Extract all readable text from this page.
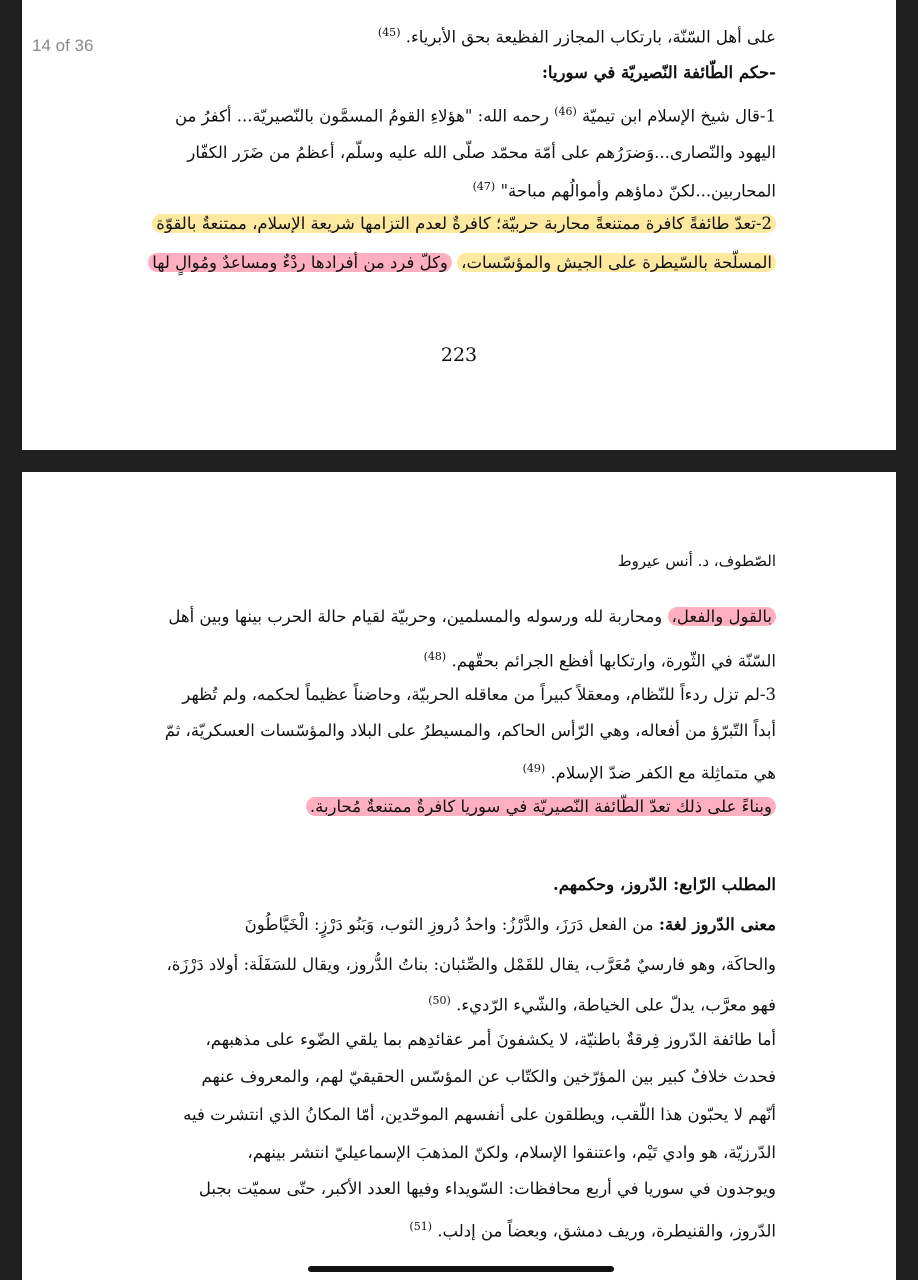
14 of 36	على أهل السّنّة، بارتكاب المجازر الفظيعة بحق الأبرياء. $^{(45)}$
-حكم الطّائفة النّصيريّة في سوريا:
1-قال شيخ الإسلام ابن تيميّة $^{(46)}$ رحمه الله: "هؤلاءِ القومُ المسمَّون بالنّصيريّة... أكفرُ من
اليهود والنّصارى...وَضرَرُهم على أمّة محمّد صلّى الله عليه وسلّم، أعظمُ من ضَرَر الكفّار
المحاربين...لكنّ دماؤهم وأموالُهم مباحة" $^{(47)}$
2-تعدّ طائفةً كافرة ممتنعةً محاربة حربيّة؛ كافرةٌ لعدم التزامها شريعة الإسلام، ممتنعةٌ بالقوّة
المسلّحة بالسّيطرة على الجيش والمؤسّسات، وكلّ فرد من أفرادها ردْءٌ ومساعدٌ ومُوالٍ لها
223
الصّطوف، د. أنس عيروط
بالقول والفعل، ومحاربة لله ورسوله والمسلمين، وحربيّة لقيام حالة الحرب بينها وبين أهل
السّنّة في الثّورة، وارتكابها أفظع الجرائم بحقّهم. $^{(48)}$
3-لم تزل ردءاً للنّظام، ومعقلاً كبيراً من معاقله الحربيّة، وحاضناً عظيماً لحكمه، ولم تُظهر
أبداً التّبرّؤ من أفعاله، وهي الرّأس الحاكم، والمسيطرُ على البلاد والمؤسّسات العسكريّة، ثمّ
هي متماثِلة مع الكفر ضدّ الإسلام. $^{(49)}$
وبناءً على ذلك تعدّ الطّائفة النّصيريّة في سوريا كافرةٌ ممتنعةٌ مُحاربة.
المطلب الرّابع: الدّروز، وحكمهم.
معنى الدّروز لغة: من الفعل دَرَزَ، والدَّرْزُ: واحدُ دُروزِ الثوب، وَبَنُو دَرْزٍ: الْخَيَّاطُونَ
والحاكَة، وهو فارسيٌ مُعَرَّب، يقال للقَمْل والصِّئبان: بناتُ الدُّروز، ويقال للسَفَلَة: أولاد دَرْزَة،
فهو معرَّب، يدلّ على الخياطة، والشّيء الرّديء. $^{(50)}$
أما طائفة الدّروز فِرقةٌ باطنيّة، لا يكشفونَ أمر عقائدِهم بما يلقي الضّوء على مذهبهم،
فحدث خلافٌ كبير بين المؤرّخين والكتّاب عن المؤسّس الحقيقيّ لهم، والمعروف عنهم
أنّهم لا يحبّون هذا اللّقب، ويطلقون على أنفسهم الموحّدين، أمّا المكانُ الذي انتشرت فيه
الدّرزيّة، هو وادي تَيْم، واعتنقوا الإسلام، ولكنّ المذهبَ الإسماعيليّ انتشر بينهم،
ويوجدون في سوريا في أربع محافظات: السّويداء وفيها العدد الأكبر، حتّى سميّت بجبل
الدّروز، والقنيطرة، وريف دمشق، وبعضاً من إدلب. $^{(51)}$
